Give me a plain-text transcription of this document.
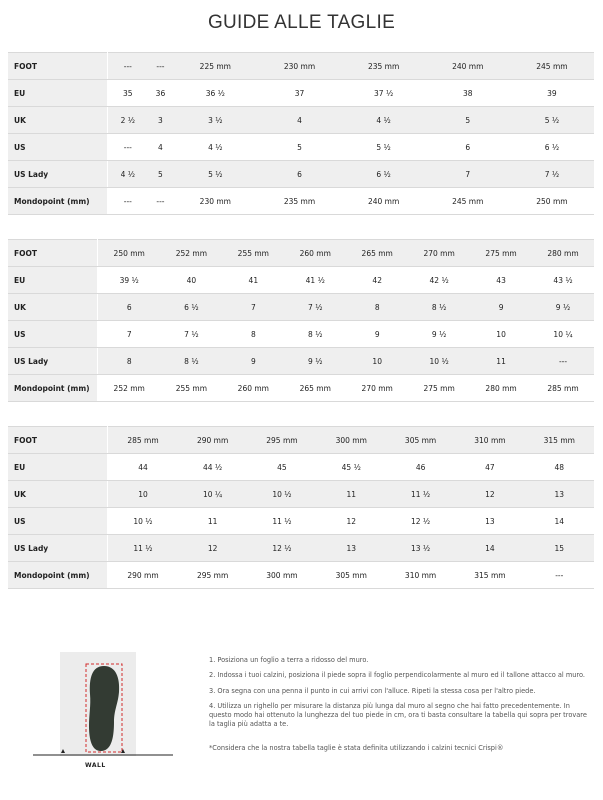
GUIDE ALLE TAGLIE
FOOT	---	---	225 mm	230 mm	235 mm	240 mm	245 mm
EU	35	36	36 ½	37	37 ½	38	39
UK	2 ½	3	3 ½	4	4 ½	5	5 ½
US	---	4	4 ½	5	5 ½	6	6 ½
US Lady	4 ½	5	5 ½	6	6 ½	7	7 ½
Mondopoint (mm)	---	---	230 mm	235 mm	240 mm	245 mm	250 mm
FOOT	250 mm	252 mm	255 mm	260 mm	265 mm	270 mm	275 mm	280 mm
EU	39 ½	40	41	41 ½	42	42 ½	43	43 ½
UK	6	6 ½	7	7 ½	8	8 ½	9	9 ½
US	7	7 ½	8	8 ½	9	9 ½	10	10 ¼
US Lady	8	8 ½	9	9 ½	10	10 ½	11	---
Mondopoint (mm)	252 mm	255 mm	260 mm	265 mm	270 mm	275 mm	280 mm	285 mm
FOOT	285 mm	290 mm	295 mm	300 mm	305 mm	310 mm	315 mm
EU	44	44 ½	45	45 ½	46	47	48
UK	10	10 ¼	10 ½	11	11 ½	12	13
US	10 ½	11	11 ½	12	12 ½	13	14
US Lady	11 ½	12	12 ½	13	13 ½	14	15
Mondopoint (mm)	290 mm	295 mm	300 mm	305 mm	310 mm	315 mm	---
WALL

1. Posiziona un foglio a terra a ridosso del muro.

2. Indossa i tuoi calzini, posiziona il piede sopra il foglio perpendicolarmente al muro ed il tallone attacco al muro.

3. Ora segna con una penna il punto in cui arrivi con l'alluce. Ripeti la stessa cosa per l'altro piede.

4. Utilizza un righello per misurare la distanza più lunga dal muro al segno che hai fatto precedentemente. In questo modo hai ottenuto la lunghezza del tuo piede in cm, ora ti basta consultare la tabella qui sopra per trovare la taglia più adatta a te.

*Considera che la nostra tabella taglie è stata definita utilizzando i calzini tecnici Crispi®
